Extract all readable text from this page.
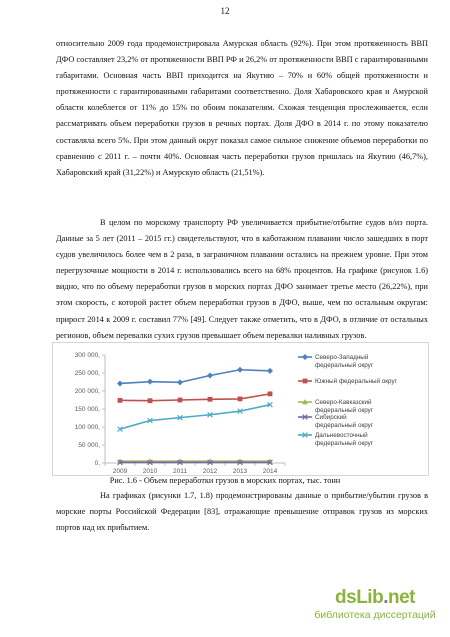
12

относительно 2009 года продемонстрировала Амурская область (92%). При этом протяженность ВВП ДФО составляет 23,2% от протяженности ВВП РФ и 26,2% от протяженности ВВП с гарантированными габаритами. Основная часть ВВП приходится на Якутию – 70% и 60% общей протяженности и протяженности с гарантированными габаритами соответственно. Доля Хабаровского края и Амурской области колеблется от 11% до 15% по обоим показателям. Схожая тенденция прослеживается, если рассматривать объем переработки грузов в речных портах. Доля ДФО в 2014 г. по этому показателю составляла всего 5%. При этом данный округ показал самое сильное снижение объемов переработки по сравнению с 2011 г. – почти 40%. Основная часть переработки грузов пришлась на Якутию (46,7%), Хабаровский край (31,22%) и Амурскую область (21,51%).

В целом по морскому транспорту РФ увеличивается прибытие/отбытие судов в/из порта. Данные за 5 лет (2011 – 2015 гг.) свидетельствуют, что в каботажном плавании число зашедших в порт судов увеличилось более чем в 2 раза, в заграничном плавании остались на прежнем уровне. При этом перегрузочные мощности в 2014 г. использовались всего на 68% процентов. На графике (рисунок 1.6) видно, что по объему переработки грузов в морских портах ДФО занимает третье место (26,22%), при этом скорость, с которой растет объем переработки грузов в ДФО, выше, чем по остальным округам: прирост 2014 к 2009 г. составил 77% [49]. Следует также отметить, что в ДФО, в отличие от остальных регионов, объем перевалки сухих грузов превышает объем перевалки наливных грузов.

0,
50 000,
100 000,
150 000,
200 000,
250 000,
300 000,
2009 2010 2011 2012 2013 2014
Северо-Западный федеральный округ
Южный федеральный округ
Северо-Кавказский федеральный округ
Сибирский федеральный округ
Дальневосточный федеральный округ
Рис. 1.6 - Объем переработки грузов в морских портах, тыс. тонн

На графиках (рисунки 1.7, 1.8) продемонстрированы данные о прибытие/убытии грузов в морские порты Российской Федерации [83], отражающие превышение отправок грузов из морских портов над их прибытием.

dsLib.net
библиотека диссертаций
